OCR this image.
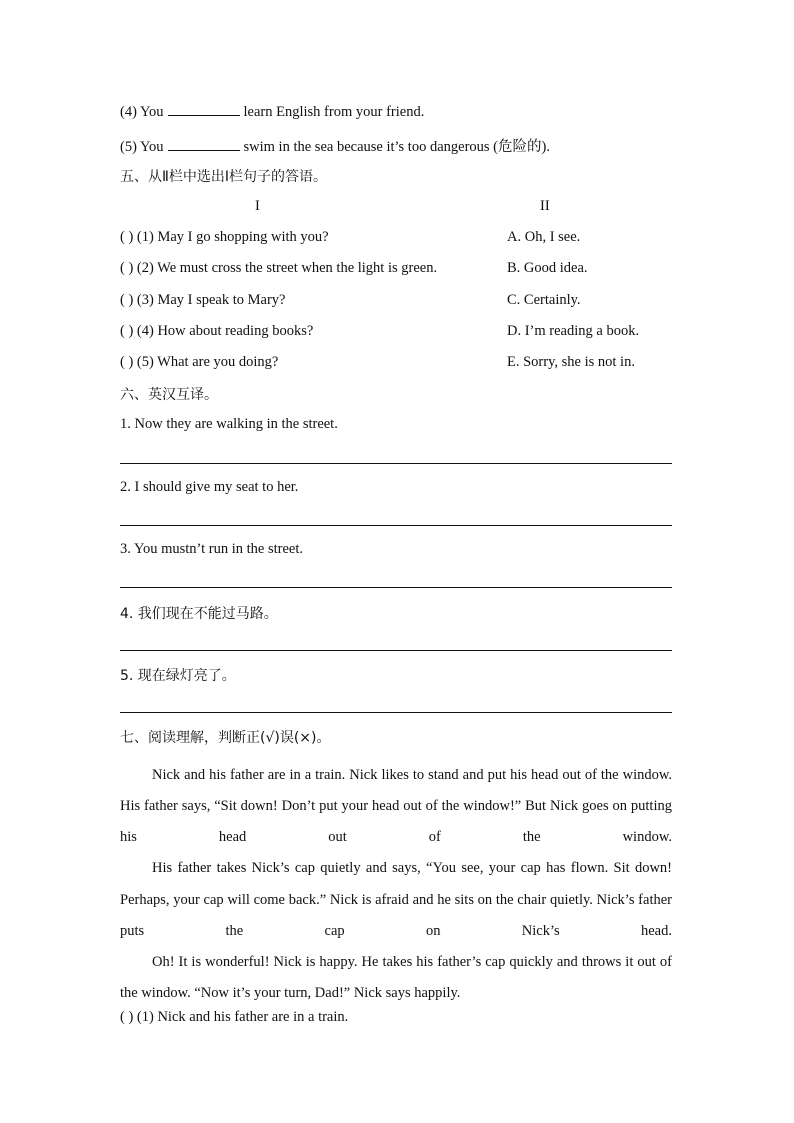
(4) You	learn English from your friend.
(5) You	swim in the sea because it’s too dangerous (危险的).
五、从Ⅱ栏中选出Ⅰ栏句子的答语。
I	II
( ) (1) May I go shopping with you?	A. Oh, I see.
( ) (2) We must cross the street when the light is green.	B. Good idea.
( ) (3) May I speak to Mary?	C. Certainly.
( ) (4) How about reading books?	D. I’m reading a book.
( ) (5) What are you doing?	E. Sorry, she is not in.
六、英汉互译。
1. Now they are walking in the street.
2. I should give my seat to her.
3. You mustn’t run in the street.
4. 我们现在不能过马路。
5. 现在绿灯亮了。
七、阅读理解，判断正(√)误(×)。
Nick and his father are in a train. Nick likes to stand and put his head out of the window. His father says, “Sit down! Don’t put your head out of the window!” But Nick goes on putting his head out of the window.
His father takes Nick’s cap quietly and says, “You see, your cap has flown. Sit down! Perhaps, your cap will come back.” Nick is afraid and he sits on the chair quietly. Nick’s father puts the cap on Nick’s head.
Oh! It is wonderful! Nick is happy. He takes his father’s cap quickly and throws it out of the window. “Now it’s your turn, Dad!” Nick says happily.
( ) (1) Nick and his father are in a train.
